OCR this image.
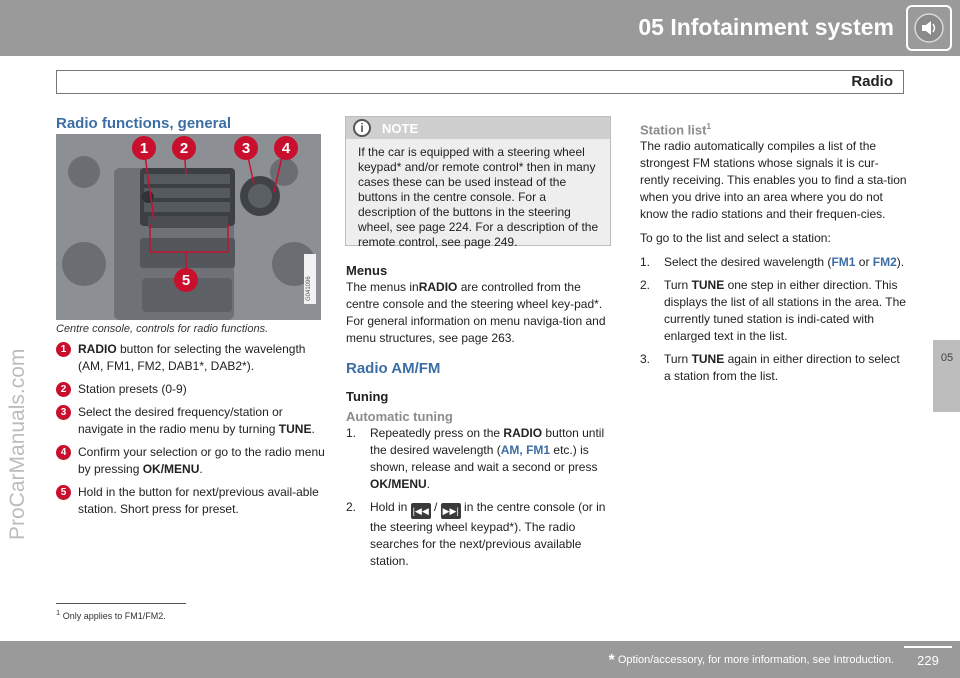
05 Infotainment system
Radio
05
ProCarManuals.com
Radio functions, general
1 2	3 4
5	G041096
Centre console, controls for radio functions.
1 RADIO button for selecting the wavelength (AM, FM1, FM2, DAB1*, DAB2*).
2 Station presets (0-9)
3 Select the desired frequency/station or navigate in the radio menu by turning TUNE.
4 Confirm your selection or go to the radio menu by pressing OK/MENU.
5 Hold in the button for next/previous avail-able station. Short press for preset.
i	NOTE
If the car is equipped with a steering wheel keypad* and/or remote control* then in many cases these can be used instead of the buttons in the centre console. For a description of the buttons in the steering wheel, see page 224. For a description of the remote control, see page 249.
Menus
The menus inRADIO are controlled from the centre console and the steering wheel key-pad*. For general information on menu naviga-tion and menu structures, see page 263.
Radio AM/FM
Tuning
Automatic tuning
1. Repeatedly press on the RADIO button until the desired wavelength (AM, FM1 etc.) is shown, release and wait a second or press OK/MENU.
2. Hold in |◀◀ / ▶▶| in the centre console (or in the steering wheel keypad*). The radio searches for the next/previous available station.
Station list$^1$
The radio automatically compiles a list of the strongest FM stations whose signals it is cur-rently receiving. This enables you to find a sta-tion when you drive into an area where you do not know the radio stations and their frequen-cies.
To go to the list and select a station:
1. Select the desired wavelength (FM1 or FM2).
2. Turn TUNE one step in either direction. This displays the list of all stations in the area. The currently tuned station is indi-cated with enlarged text in the list.
3. Turn TUNE again in either direction to select a station from the list.
$^1$ Only applies to FM1/FM2.
* Option/accessory, for more information, see Introduction.	229
